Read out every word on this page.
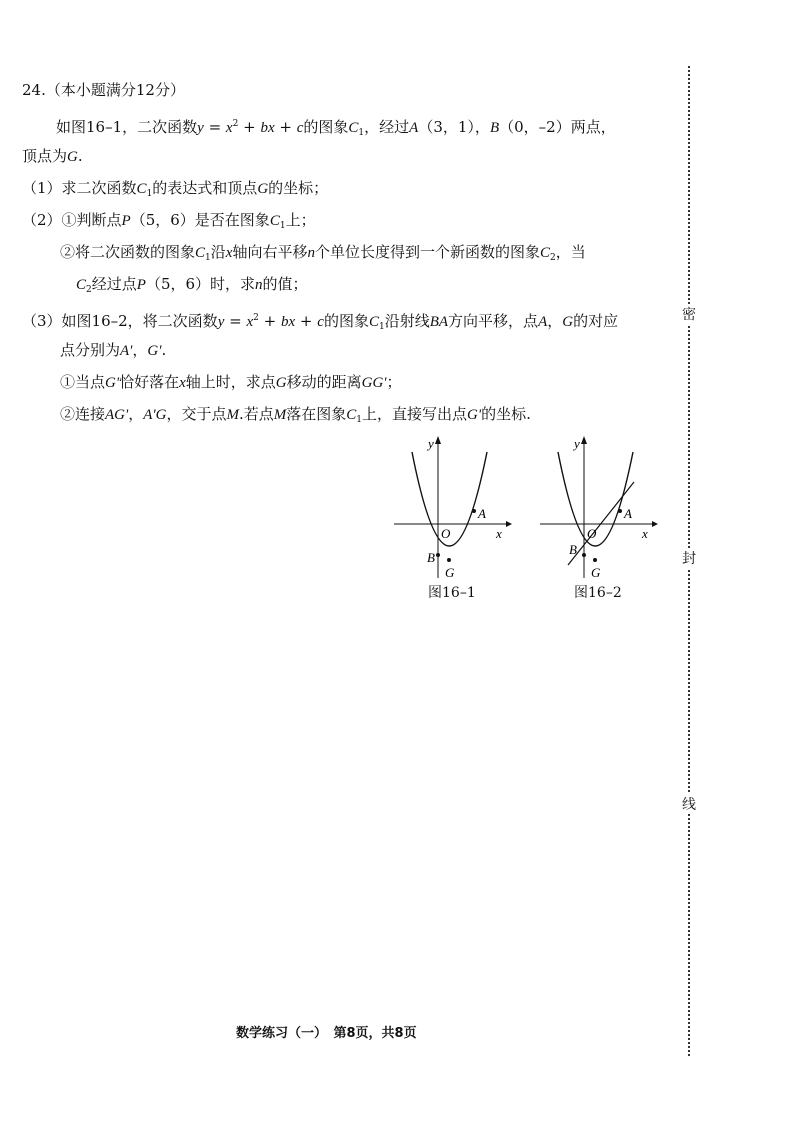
密
封
线
24.（本小题满分12分）
如图16–1，二次函数$y = x^2$ + bx + c的图象$C_1$，经过A（3，1），B（0，–2）两点，
顶点为G.
（1）求二次函数$C_1$的表达式和顶点G的坐标；
（2）①判断点P（5，6）是否在图象$C_1$上；
②将二次函数的图象$C_1$沿x轴向右平移n个单位长度得到一个新函数的图象$C_2$，当
$C_2$经过点P（5，6）时，求n的值；
（3）如图16–2，将二次函数$y = x^2$ + bx + c的图象$C_1$沿射线BA方向平移，点A，G的对应
点分别为A'，G'.
①当点G'恰好落在x轴上时，求点G移动的距离GG'；
②连接AG'，A'G，交于点M.若点M落在图象$C_1$上，直接写出点G'的坐标.
y
x
O
A
B
G
图16–1
y
x
O
A
B
G
图16–2
数学练习（一）　第8页，共8页
